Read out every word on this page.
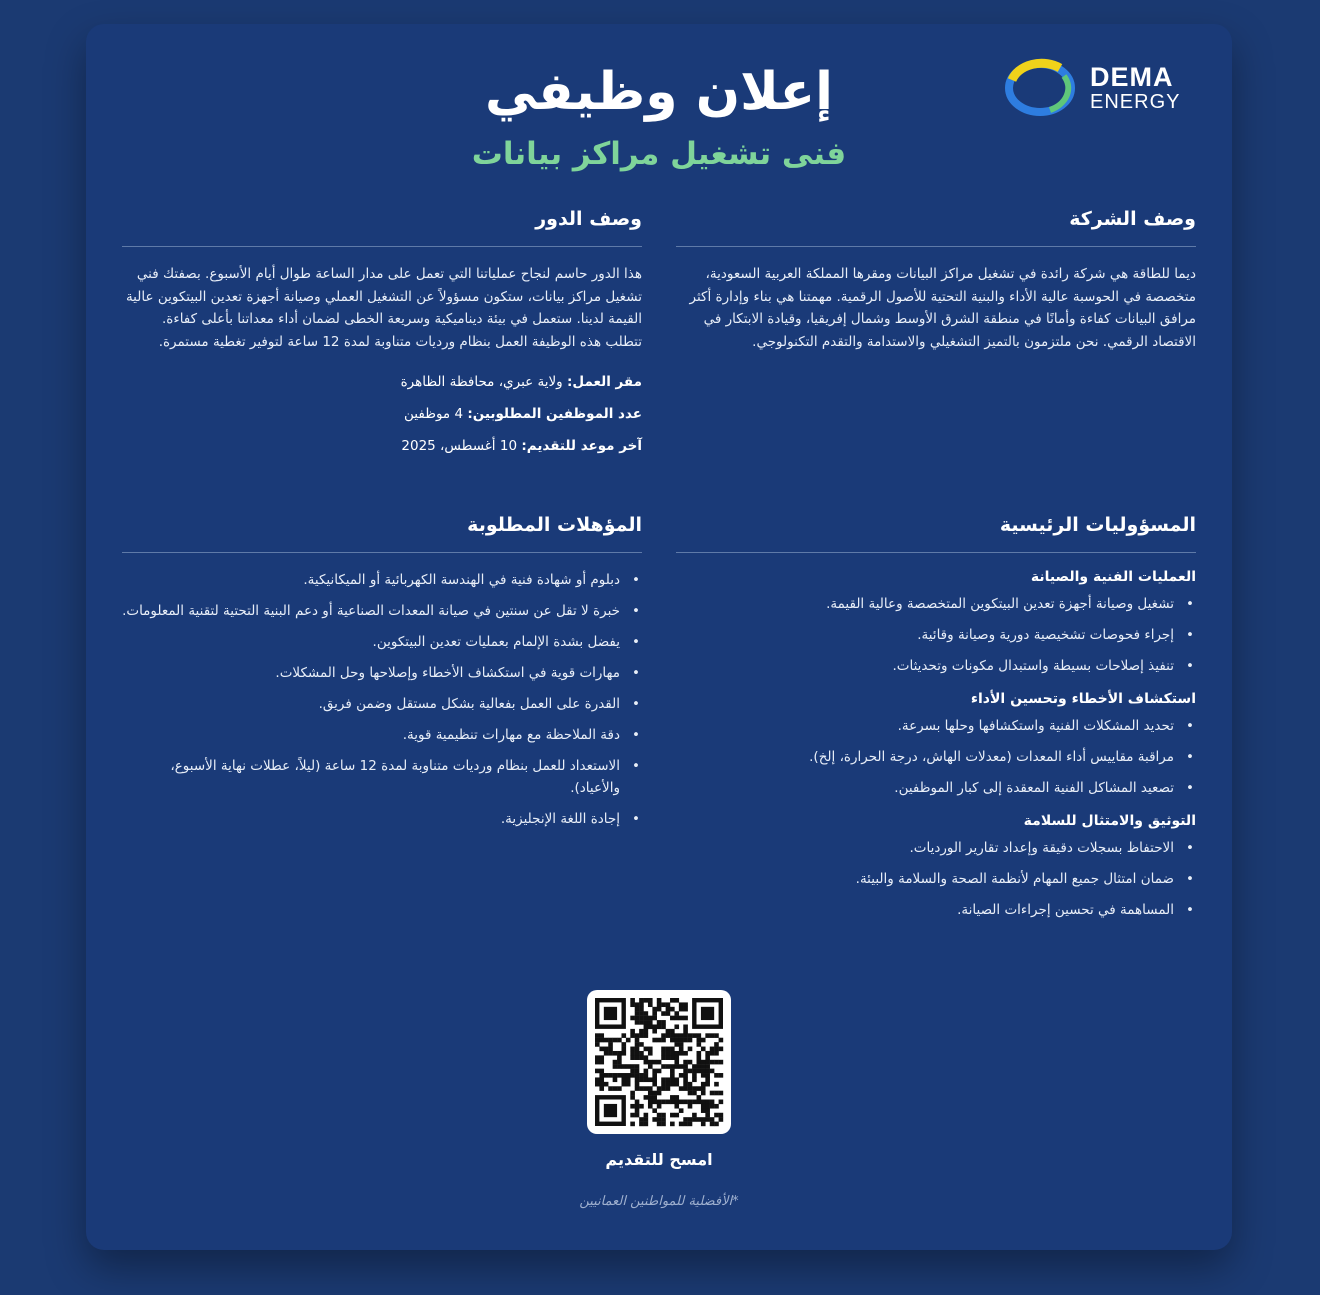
إعلان وظيفي
فنى تشغيل مراكز بيانات
DEMA
ENERGY
وصف الشركة
ديما للطاقة هي شركة رائدة في تشغيل مراكز البيانات ومقرها المملكة العربية السعودية، متخصصة في الحوسبة عالية الأداء والبنية التحتية للأصول الرقمية. مهمتنا هي بناء وإدارة أكثر مرافق البيانات كفاءة وأمانًا في منطقة الشرق الأوسط وشمال إفريقيا، وقيادة الابتكار في الاقتصاد الرقمي. نحن ملتزمون بالتميز التشغيلي والاستدامة والتقدم التكنولوجي.
وصف الدور
هذا الدور حاسم لنجاح عملياتنا التي تعمل على مدار الساعة طوال أيام الأسبوع. بصفتك فني تشغيل مراكز بيانات، ستكون مسؤولاً عن التشغيل العملي وصيانة أجهزة تعدين البيتكوين عالية القيمة لدينا. ستعمل في بيئة ديناميكية وسريعة الخطى لضمان أداء معداتنا بأعلى كفاءة. تتطلب هذه الوظيفة العمل بنظام ورديات متناوبة لمدة 12 ساعة لتوفير تغطية مستمرة.
مقر العمل: ولاية عبري، محافظة الظاهرة
عدد الموظفين المطلوبين: 4 موظفين
آخر موعد للتقديم: 10 أغسطس، 2025
المسؤوليات الرئيسية
العمليات الفنية والصيانة
• تشغيل وصيانة أجهزة تعدين البيتكوين المتخصصة وعالية القيمة.
• إجراء فحوصات تشخيصية دورية وصيانة وقائية.
• تنفيذ إصلاحات بسيطة واستبدال مكونات وتحديثات.
استكشاف الأخطاء وتحسين الأداء
• تحديد المشكلات الفنية واستكشافها وحلها بسرعة.
• مراقبة مقاييس أداء المعدات (معدلات الهاش، درجة الحرارة، إلخ).
• تصعيد المشاكل الفنية المعقدة إلى كبار الموظفين.
التوثيق والامتثال للسلامة
• الاحتفاظ بسجلات دقيقة وإعداد تقارير الورديات.
• ضمان امتثال جميع المهام لأنظمة الصحة والسلامة والبيئة.
• المساهمة في تحسين إجراءات الصيانة.
المؤهلات المطلوبة
• دبلوم أو شهادة فنية في الهندسة الكهربائية أو الميكانيكية.
• خبرة لا تقل عن سنتين في صيانة المعدات الصناعية أو دعم البنية التحتية لتقنية المعلومات.
• يفضل بشدة الإلمام بعمليات تعدين البيتكوين.
• مهارات قوية في استكشاف الأخطاء وإصلاحها وحل المشكلات.
• القدرة على العمل بفعالية بشكل مستقل وضمن فريق.
• دقة الملاحظة مع مهارات تنظيمية قوية.
• الاستعداد للعمل بنظام ورديات متناوبة لمدة 12 ساعة (ليلاً، عطلات نهاية الأسبوع، والأعياد).
• إجادة اللغة الإنجليزية.
امسح للتقديم
*الأفضلية للمواطنين العمانيين
